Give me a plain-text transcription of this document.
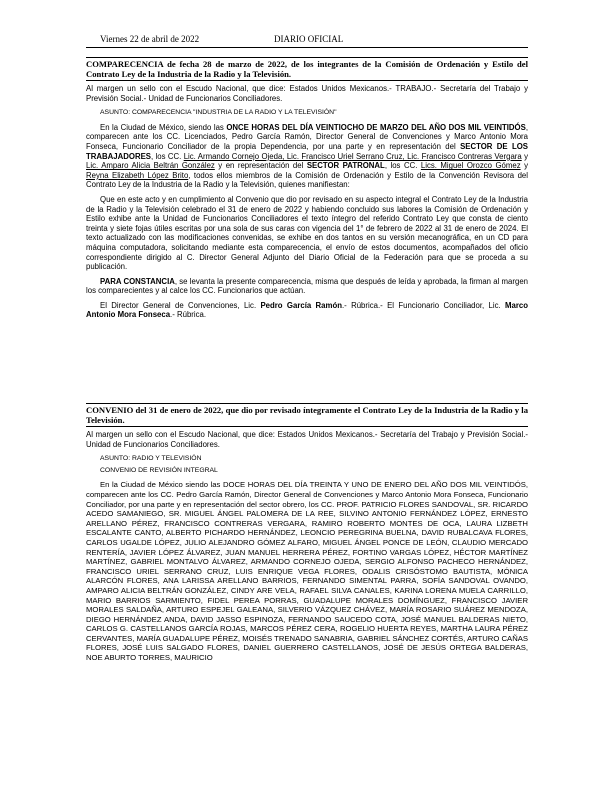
Viernes 22 de abril de 2022	DIARIO OFICIAL
COMPARECENCIA de fecha 28 de marzo de 2022, de los integrantes de la Comisión de Ordenación y Estilo del Contrato Ley de la Industria de la Radio y la Televisión.

Al margen un sello con el Escudo Nacional, que dice: Estados Unidos Mexicanos.- TRABAJO.- Secretaría del Trabajo y Previsión Social.- Unidad de Funcionarios Conciliadores.

ASUNTO: COMPARECENCIA "INDUSTRIA DE LA RADIO Y LA TELEVISIÓN"

En la Ciudad de México, siendo las ONCE HORAS DEL DÍA VEINTIOCHO DE MARZO DEL AÑO DOS MIL VEINTIDÓS, comparecen ante los CC. Licenciados, Pedro García Ramón, Director General de Convenciones y Marco Antonio Mora Fonseca, Funcionario Conciliador de la propia Dependencia, por una parte y en representación del SECTOR DE LOS TRABAJADORES, los CC. Lic. Armando Cornejo Ojeda, Lic. Francisco Uriel Serrano Cruz, Lic. Francisco Contreras Vergara y Lic. Amparo Alicia Beltrán González y en representación del SECTOR PATRONAL, los CC. Lics. Miguel Orozco Gómez y Reyna Elizabeth López Brito, todos ellos miembros de la Comisión de Ordenación y Estilo de la Convención Revisora del Contrato Ley de la Industria de la Radio y la Televisión, quienes manifiestan:

Que en este acto y en cumplimiento al Convenio que dio por revisado en su aspecto integral el Contrato Ley de la Industria de la Radio y la Televisión celebrado el 31 de enero de 2022 y habiendo concluido sus labores la Comisión de Ordenación y Estilo exhibe ante la Unidad de Funcionarios Conciliadores el texto íntegro del referido Contrato Ley que consta de ciento treinta y siete fojas útiles escritas por una sola de sus caras con vigencia del 1° de febrero de 2022 al 31 de enero de 2024. El texto actualizado con las modificaciones convenidas, se exhibe en dos tantos en su versión mecanográfica, en un CD para máquina computadora, solicitando mediante esta comparecencia, el envío de estos documentos, acompañados del oficio correspondiente dirigido al C. Director General Adjunto del Diario Oficial de la Federación para que se proceda a su publicación.

PARA CONSTANCIA, se levanta la presente comparecencia, misma que después de leída y aprobada, la firman al margen los comparecientes y al calce los CC. Funcionarios que actúan.

El Director General de Convenciones, Lic. Pedro García Ramón.- Rúbrica.- El Funcionario Conciliador, Lic. Marco Antonio Mora Fonseca.- Rúbrica.

CONVENIO del 31 de enero de 2022, que dio por revisado íntegramente el Contrato Ley de la Industria de la Radio y la Televisión.

Al margen un sello con el Escudo Nacional, que dice: Estados Unidos Mexicanos.- Secretaría del Trabajo y Previsión Social.- Unidad de Funcionarios Conciliadores.

ASUNTO: RADIO Y TELEVISIÓN

CONVENIO DE REVISIÓN INTEGRAL

En la Ciudad de México siendo las DOCE HORAS DEL DÍA TREINTA Y UNO DE ENERO DEL AÑO DOS MIL VEINTIDÓS, comparecen ante los CC. Pedro García Ramón, Director General de Convenciones y Marco Antonio Mora Fonseca, Funcionario Conciliador, por una parte y en representación del sector obrero, los CC. PROF. PATRICIO FLORES SANDOVAL, SR. RICARDO ACEDO SAMANIEGO, SR. MIGUEL ÁNGEL PALOMERA DE LA REE, SILVINO ANTONIO FERNÁNDEZ LÓPEZ, ERNESTO ARELLANO PÉREZ, FRANCISCO CONTRERAS VERGARA, RAMIRO ROBERTO MONTES DE OCA, LAURA LIZBETH ESCALANTE CANTO, ALBERTO PICHARDO HERNÁNDEZ, LEONCIO PEREGRINA BUELNA, DAVID RUBALCAVA FLORES, CARLOS UGALDE LÓPEZ, JULIO ALEJANDRO GÓMEZ ALFARO, MIGUEL ÁNGEL PONCE DE LEÓN, CLAUDIO MERCADO RENTERÍA, JAVIER LÓPEZ ÁLVAREZ, JUAN MANUEL HERRERA PÉREZ, FORTINO VARGAS LÓPEZ, HÉCTOR MARTÍNEZ MARTÍNEZ, GABRIEL MONTALVO ÁLVAREZ, ARMANDO CORNEJO OJEDA, SERGIO ALFONSO PACHECO HERNÁNDEZ, FRANCISCO URIEL SERRANO CRUZ, LUIS ENRIQUE VEGA FLORES, ODALIS CRISÓSTOMO BAUTISTA, MÓNICA ALARCÓN FLORES, ANA LARISSA ARELLANO BARRIOS, FERNANDO SIMENTAL PARRA, SOFÍA SANDOVAL OVANDO, AMPARO ALICIA BELTRÁN GONZÁLEZ, CINDY ARE VELA, RAFAEL SILVA CANALES, KARINA LORENA MUELA CARRILLO, MARIO BARRIOS SARMIENTO, FIDEL PEREA PORRAS, GUADALUPE MORALES DOMÍNGUEZ, FRANCISCO JAVIER MORALES SALDAÑA, ARTURO ESPEJEL GALEANA, SILVERIO VÁZQUEZ CHÁVEZ, MARÍA ROSARIO SUÁREZ MENDOZA, DIEGO HERNÁNDEZ ANDA, DAVID JASSO ESPINOZA, FERNANDO SAUCEDO COTA, JOSÉ MANUEL BALDERAS NIETO, CARLOS G. CASTELLANOS GARCÍA ROJAS, MARCOS PÉREZ CERA, ROGELIO HUERTA REYES, MARTHA LAURA PÉREZ CERVANTES, MARÍA GUADALUPE PÉREZ, MOISÉS TRENADO SANABRIA, GABRIEL SÁNCHEZ CORTÉS, ARTURO CAÑAS FLORES, JOSÉ LUIS SALGADO FLORES, DANIEL GUERRERO CASTELLANOS, JOSÉ DE JESÚS ORTEGA BALDERAS, NOE ABURTO TORRES, MAURICIO
